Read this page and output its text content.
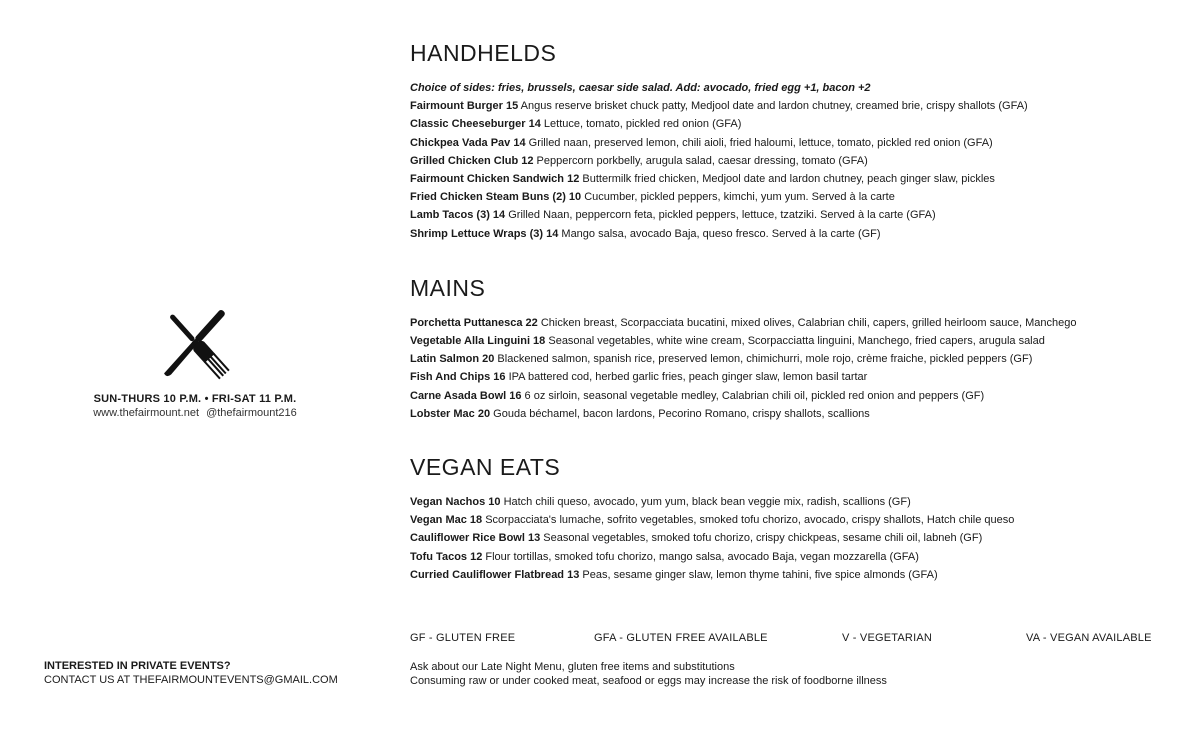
SUN-THURS 10 P.M. • FRI-SAT 11 P.M.
www.thefairmount.net @thefairmount216
HANDHELDS
Choice of sides: fries, brussels, caesar side salad. Add: avocado, fried egg +1, bacon +2
Fairmount Burger 15 Angus reserve brisket chuck patty, Medjool date and lardon chutney, creamed brie, crispy shallots (GFA)
Classic Cheeseburger 14 Lettuce, tomato, pickled red onion (GFA)
Chickpea Vada Pav 14 Grilled naan, preserved lemon, chili aioli, fried haloumi, lettuce, tomato, pickled red onion (GFA)
Grilled Chicken Club 12 Peppercorn porkbelly, arugula salad, caesar dressing, tomato (GFA)
Fairmount Chicken Sandwich 12 Buttermilk fried chicken, Medjool date and lardon chutney, peach ginger slaw, pickles
Fried Chicken Steam Buns (2) 10 Cucumber, pickled peppers, kimchi, yum yum. Served à la carte
Lamb Tacos (3) 14 Grilled Naan, peppercorn feta, pickled peppers, lettuce, tzatziki. Served à la carte (GFA)
Shrimp Lettuce Wraps (3) 14 Mango salsa, avocado Baja, queso fresco. Served à la carte (GF)
MAINS
Porchetta Puttanesca 22 Chicken breast, Scorpacciata bucatini, mixed olives, Calabrian chili, capers, grilled heirloom sauce, Manchego
Vegetable Alla Linguini 18 Seasonal vegetables, white wine cream, Scorpacciatta linguini, Manchego, fried capers, arugula salad
Latin Salmon 20 Blackened salmon, spanish rice, preserved lemon, chimichurri, mole rojo, crème fraiche, pickled peppers (GF)
Fish And Chips 16 IPA battered cod, herbed garlic fries, peach ginger slaw, lemon basil tartar
Carne Asada Bowl 16 6 oz sirloin, seasonal vegetable medley, Calabrian chili oil, pickled red onion and peppers (GF)
Lobster Mac 20 Gouda béchamel, bacon lardons, Pecorino Romano, crispy shallots, scallions
VEGAN EATS
Vegan Nachos 10 Hatch chili queso, avocado, yum yum, black bean veggie mix, radish, scallions (GF)
Vegan Mac 18 Scorpacciata's lumache, sofrito vegetables, smoked tofu chorizo, avocado, crispy shallots, Hatch chile queso
Cauliflower Rice Bowl 13 Seasonal vegetables, smoked tofu chorizo, crispy chickpeas, sesame chili oil, labneh (GF)
Tofu Tacos 12 Flour tortillas, smoked tofu chorizo, mango salsa, avocado Baja, vegan mozzarella (GFA)
Curried Cauliflower Flatbread 13 Peas, sesame ginger slaw, lemon thyme tahini, five spice almonds (GFA)
GF - GLUTEN FREE	GFA - GLUTEN FREE AVAILABLE	V - VEGETARIAN	VA - VEGAN AVAILABLE
Ask about our Late Night Menu, gluten free items and substitutions
Consuming raw or under cooked meat, seafood or eggs may increase the risk of foodborne illness
INTERESTED IN PRIVATE EVENTS?
CONTACT US AT THEFAIRMOUNTEVENTS@GMAIL.COM
